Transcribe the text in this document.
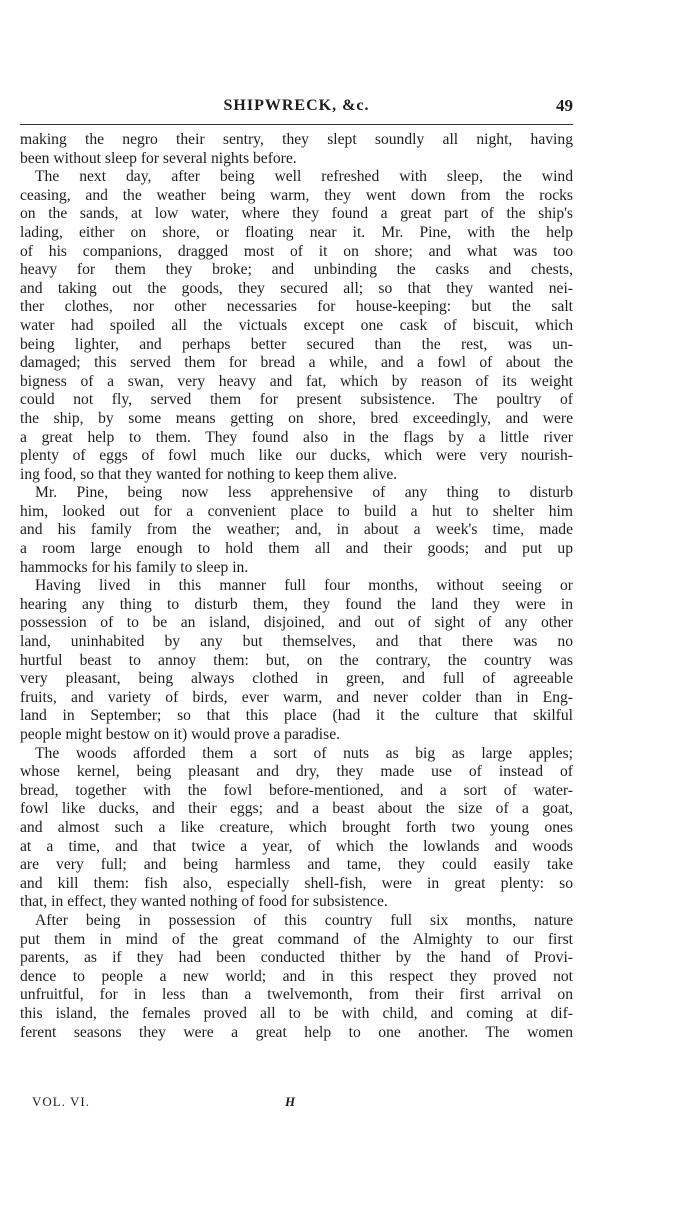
SHIPWRECK, &c.	49
making the negro their sentry, they slept soundly all night, having
been without sleep for several nights before.
The next day, after being well refreshed with sleep, the wind
ceasing, and the weather being warm, they went down from the rocks
on the sands, at low water, where they found a great part of the ship's
lading, either on shore, or floating near it. Mr. Pine, with the help
of his companions, dragged most of it on shore; and what was too
heavy for them they broke; and unbinding the casks and chests,
and taking out the goods, they secured all; so that they wanted nei-
ther clothes, nor other necessaries for house-keeping: but the salt
water had spoiled all the victuals except one cask of biscuit, which
being lighter, and perhaps better secured than the rest, was un-
damaged; this served them for bread a while, and a fowl of about the
bigness of a swan, very heavy and fat, which by reason of its weight
could not fly, served them for present subsistence. The poultry of
the ship, by some means getting on shore, bred exceedingly, and were
a great help to them. They found also in the flags by a little river
plenty of eggs of fowl much like our ducks, which were very nourish-
ing food, so that they wanted for nothing to keep them alive.
Mr. Pine, being now less apprehensive of any thing to disturb
him, looked out for a convenient place to build a hut to shelter him
and his family from the weather; and, in about a week's time, made
a room large enough to hold them all and their goods; and put up
hammocks for his family to sleep in.
Having lived in this manner full four months, without seeing or
hearing any thing to disturb them, they found the land they were in
possession of to be an island, disjoined, and out of sight of any other
land, uninhabited by any but themselves, and that there was no
hurtful beast to annoy them: but, on the contrary, the country was
very pleasant, being always clothed in green, and full of agreeable
fruits, and variety of birds, ever warm, and never colder than in Eng-
land in September; so that this place (had it the culture that skilful
people might bestow on it) would prove a paradise.
The woods afforded them a sort of nuts as big as large apples;
whose kernel, being pleasant and dry, they made use of instead of
bread, together with the fowl before-mentioned, and a sort of water-
fowl like ducks, and their eggs; and a beast about the size of a goat,
and almost such a like creature, which brought forth two young ones
at a time, and that twice a year, of which the lowlands and woods
are very full; and being harmless and tame, they could easily take
and kill them: fish also, especially shell-fish, were in great plenty: so
that, in effect, they wanted nothing of food for subsistence.
After being in possession of this country full six months, nature
put them in mind of the great command of the Almighty to our first
parents, as if they had been conducted thither by the hand of Provi-
dence to people a new world; and in this respect they proved not
unfruitful, for in less than a twelvemonth, from their first arrival on
this island, the females proved all to be with child, and coming at dif-
ferent seasons they were a great help to one another. The women
VOL. VI.	H
